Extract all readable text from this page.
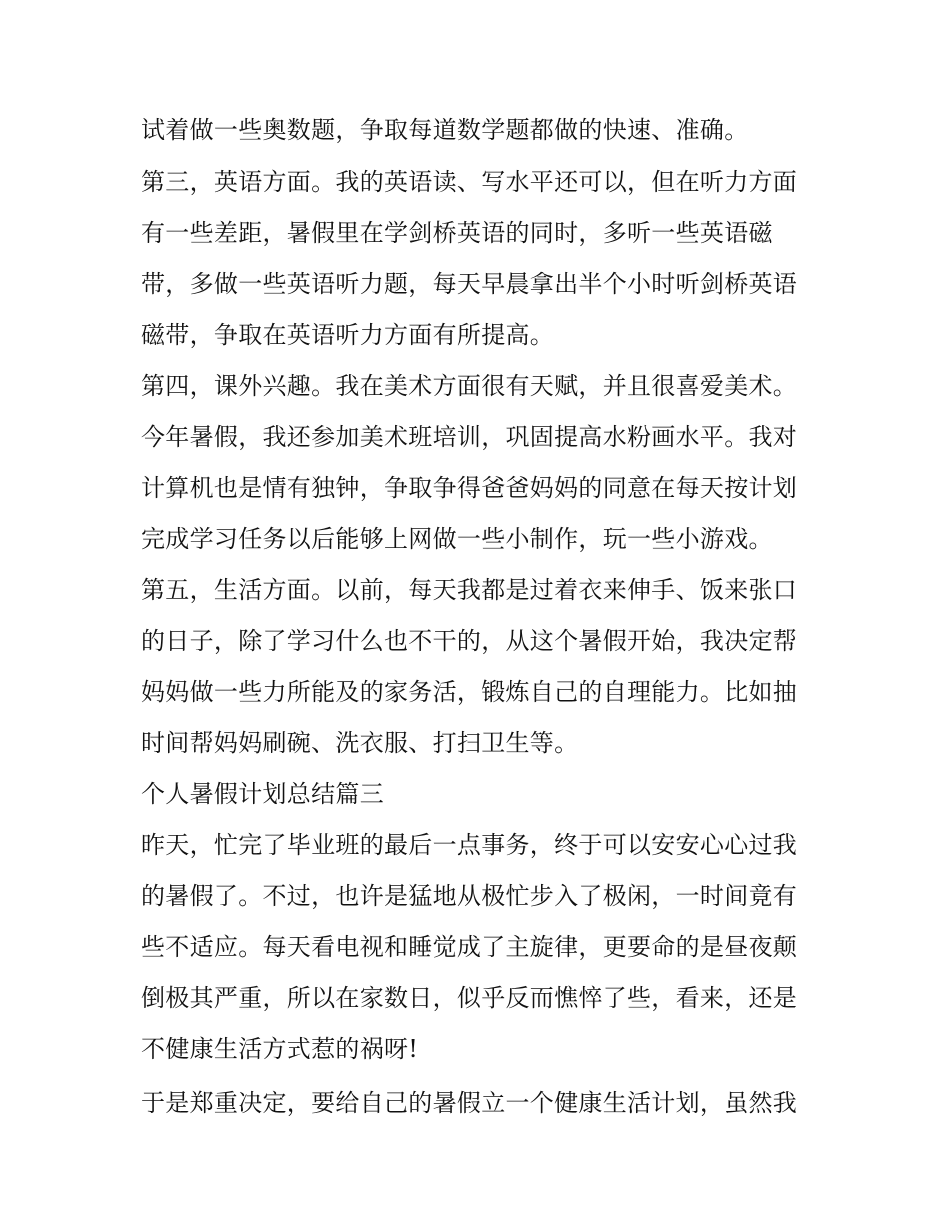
试着做一些奥数题，争取每道数学题都做的快速、准确。
第三，英语方面。我的英语读、写水平还可以，但在听力方面
有一些差距，暑假里在学剑桥英语的同时，多听一些英语磁
带，多做一些英语听力题，每天早晨拿出半个小时听剑桥英语
磁带，争取在英语听力方面有所提高。
第四，课外兴趣。我在美术方面很有天赋，并且很喜爱美术。
今年暑假，我还参加美术班培训，巩固提高水粉画水平。我对
计算机也是情有独钟，争取争得爸爸妈妈的同意在每天按计划
完成学习任务以后能够上网做一些小制作，玩一些小游戏。
第五，生活方面。以前，每天我都是过着衣来伸手、饭来张口
的日子，除了学习什么也不干的，从这个暑假开始，我决定帮
妈妈做一些力所能及的家务活，锻炼自己的自理能力。比如抽
时间帮妈妈刷碗、洗衣服、打扫卫生等。
个人暑假计划总结篇三
昨天，忙完了毕业班的最后一点事务，终于可以安安心心过我
的暑假了。不过，也许是猛地从极忙步入了极闲，一时间竟有
些不适应。每天看电视和睡觉成了主旋律，更要命的是昼夜颠
倒极其严重，所以在家数日，似乎反而憔悴了些，看来，还是
不健康生活方式惹的祸呀!
于是郑重决定，要给自己的暑假立一个健康生活计划，虽然我
